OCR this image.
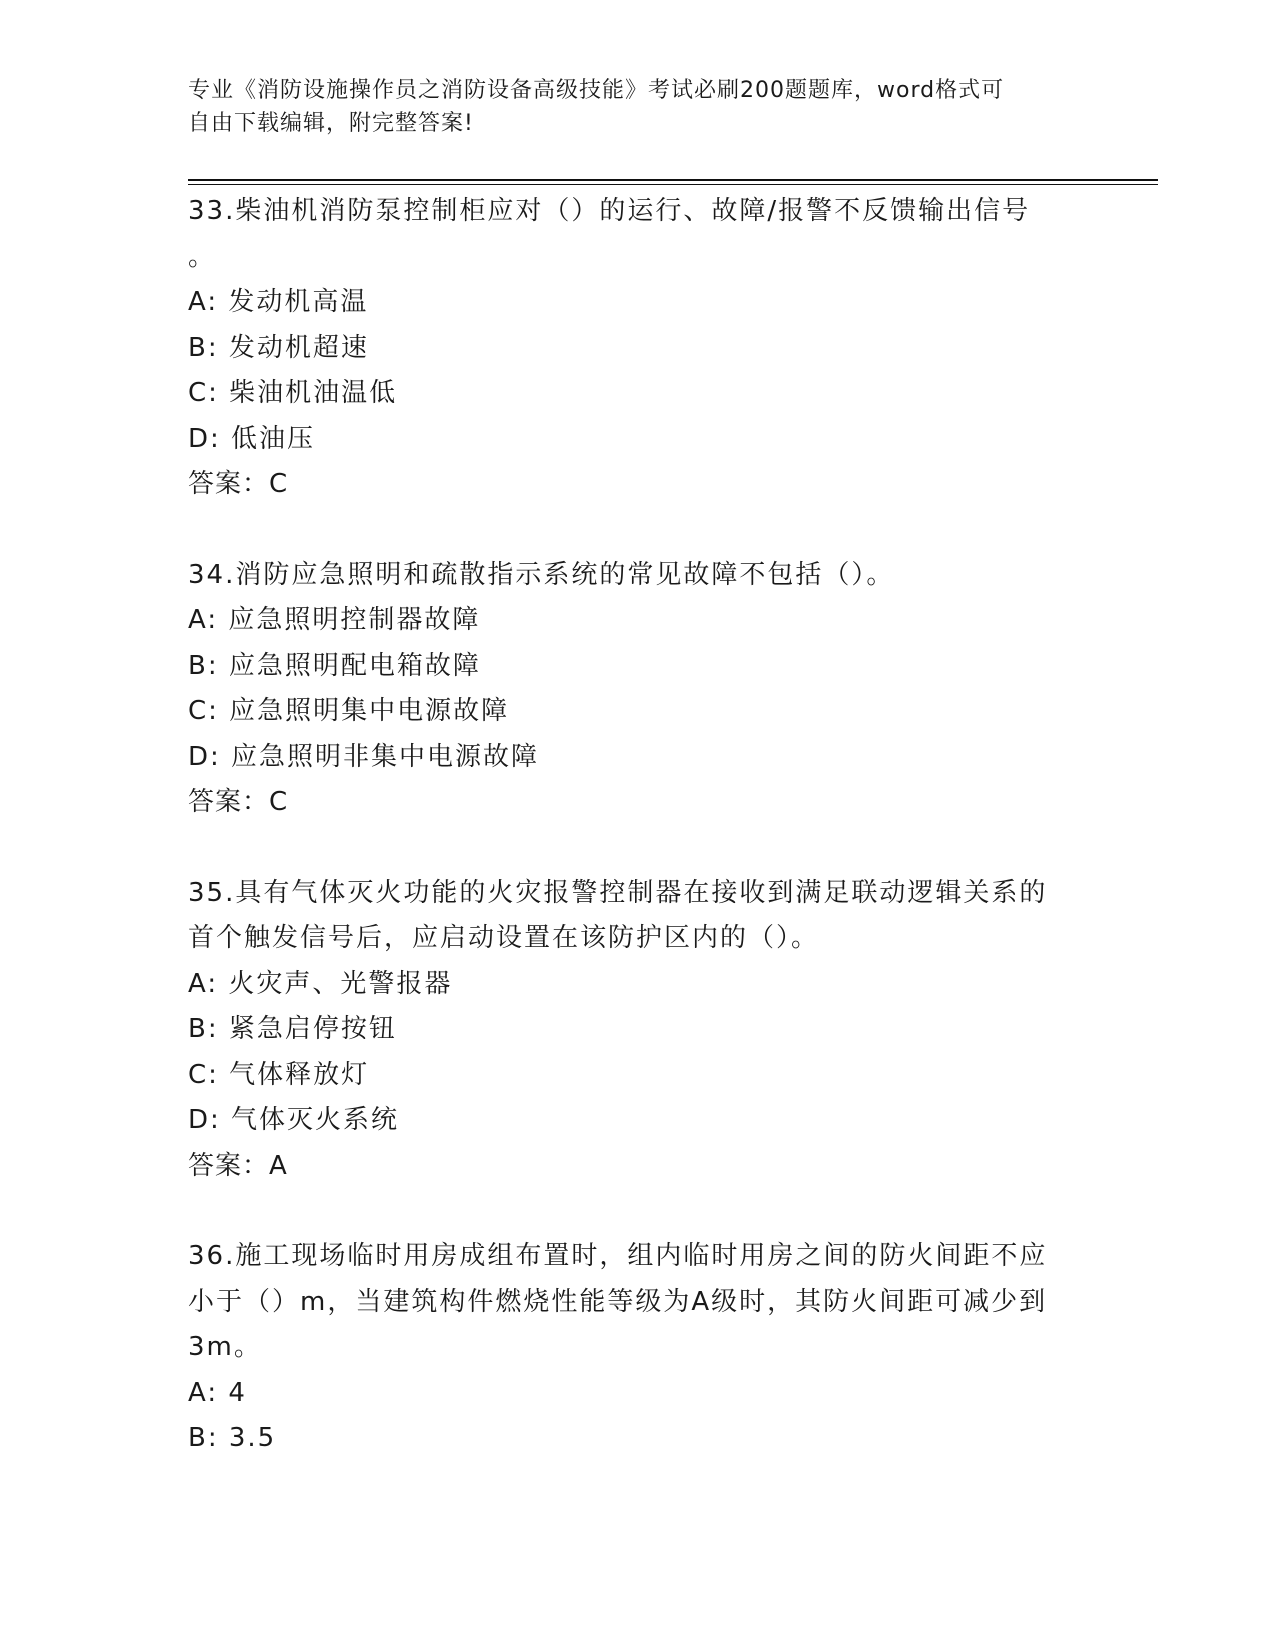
专业《消防设施操作员之消防设备高级技能》考试必刷200题题库，word格式可
自由下载编辑，附完整答案!
33.柴油机消防泵控制柜应对（）的运行、故障/报警不反馈输出信号
。
A: 发动机高温
B: 发动机超速
C: 柴油机油温低
D: 低油压
答案：C
34.消防应急照明和疏散指示系统的常见故障不包括（）。
A: 应急照明控制器故障
B: 应急照明配电箱故障
C: 应急照明集中电源故障
D: 应急照明非集中电源故障
答案：C
35.具有气体灭火功能的火灾报警控制器在接收到满足联动逻辑关系的
首个触发信号后，应启动设置在该防护区内的（）。
A: 火灾声、光警报器
B: 紧急启停按钮
C: 气体释放灯
D: 气体灭火系统
答案：A
36.施工现场临时用房成组布置时，组内临时用房之间的防火间距不应
小于（）m，当建筑构件燃烧性能等级为A级时，其防火间距可减少到
3m。
A: 4
B: 3.5
